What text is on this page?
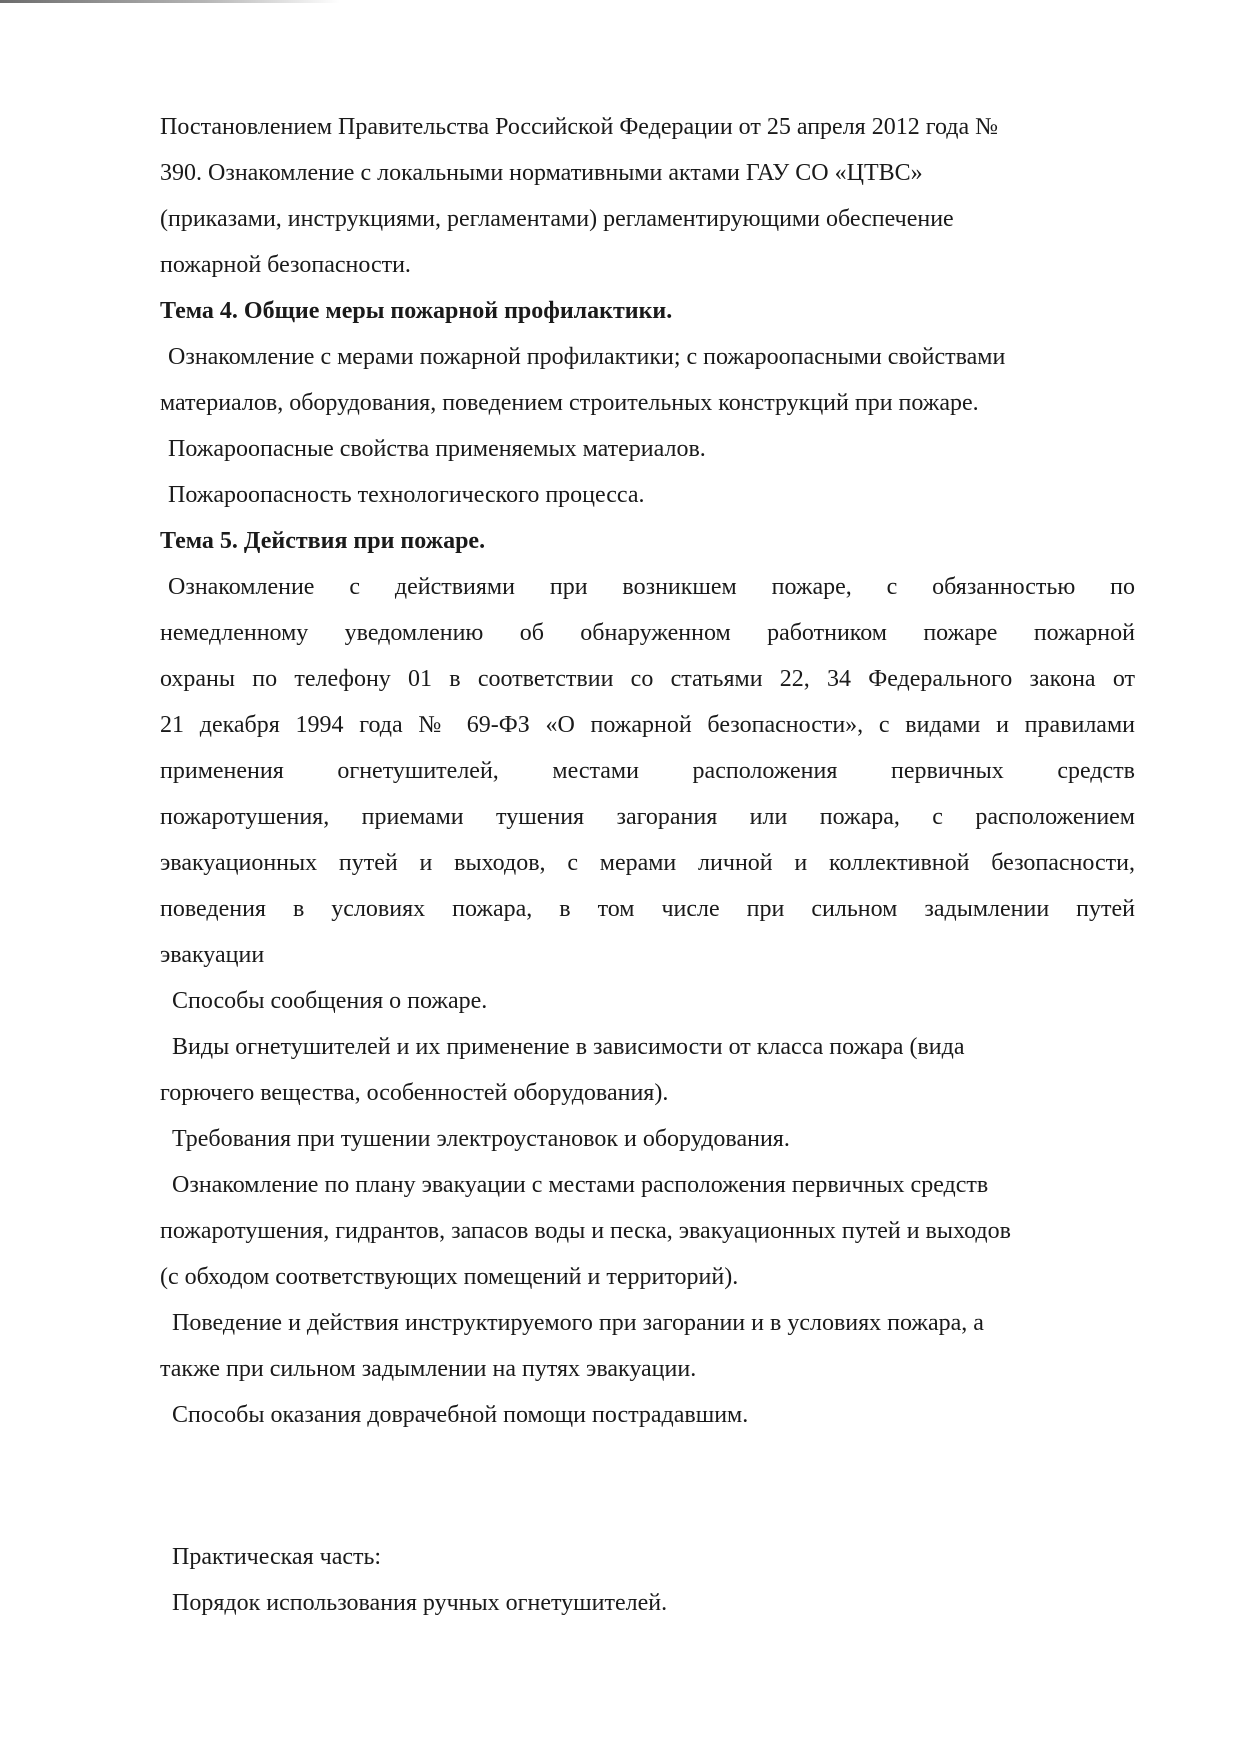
Постановлением Правительства Российской Федерации от 25 апреля 2012 года №

390. Ознакомление с локальными нормативными актами ГАУ СО «ЦТВС»

(приказами, инструкциями, регламентами) регламентирующими обеспечение

пожарной безопасности.

Тема 4. Общие меры пожарной профилактики.

Ознакомление с мерами пожарной профилактики; с пожароопасными свойствами

материалов, оборудования, поведением строительных конструкций при пожаре.

Пожароопасные свойства применяемых материалов.

Пожароопасность технологического процесса.

Тема 5. Действия при пожаре.

Ознакомление с действиями при возникшем пожаре, с обязанностью по

немедленному уведомлению об обнаруженном работником пожаре пожарной

охраны по телефону 01 в соответствии со статьями 22, 34 Федерального закона от

21 декабря 1994 года № 69-ФЗ «О пожарной безопасности», с видами и правилами

применения огнетушителей, местами расположения первичных средств

пожаротушения, приемами тушения загорания или пожара, с расположением

эвакуационных путей и выходов, с мерами личной и коллективной безопасности,

поведения в условиях пожара, в том числе при сильном задымлении путей

эвакуации

Способы сообщения о пожаре.

Виды огнетушителей и их применение в зависимости от класса пожара (вида

горючего вещества, особенностей оборудования).

Требования при тушении электроустановок и оборудования.

Ознакомление по плану эвакуации с местами расположения первичных средств

пожаротушения, гидрантов, запасов воды и песка, эвакуационных путей и выходов

(с обходом соответствующих помещений и территорий).

Поведение и действия инструктируемого при загорании и в условиях пожара, а

также при сильном задымлении на путях эвакуации.

Способы оказания доврачебной помощи пострадавшим.

Практическая часть:

Порядок использования ручных огнетушителей.
